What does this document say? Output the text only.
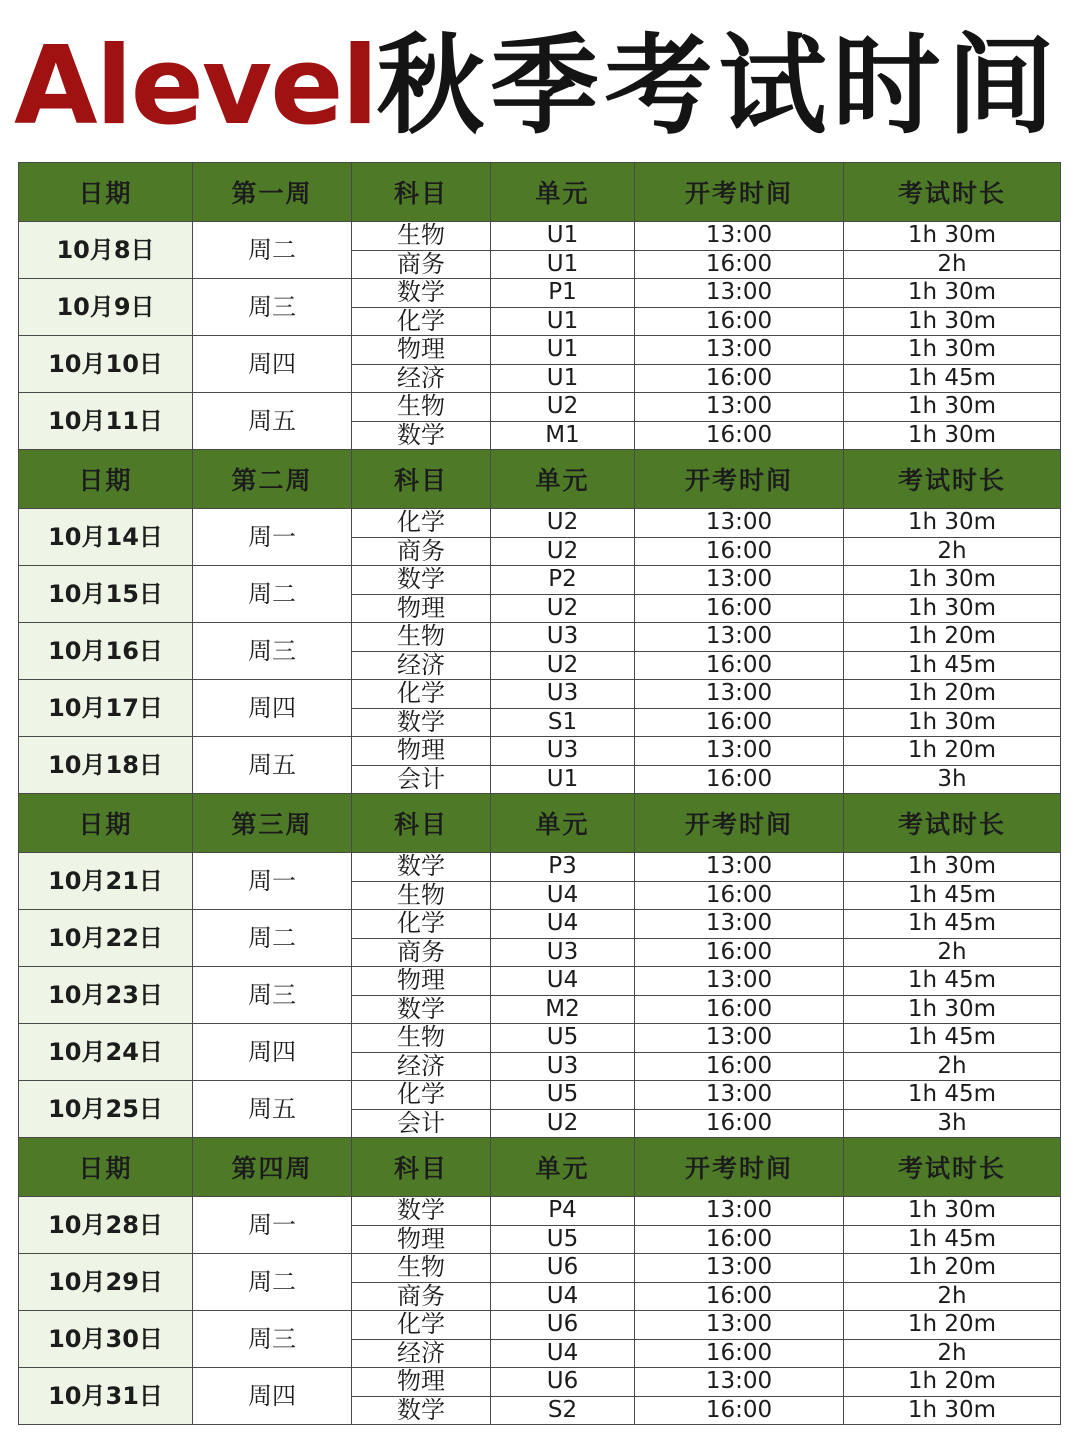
Alevel秋季考试时间
日期	第一周	科目	单元	开考时间	考试时长
10月8日	周二	生物	U1	13:00	1h 30m
		商务	U1	16:00	2h
10月9日	周三	数学	P1	13:00	1h 30m
		化学	U1	16:00	1h 30m
10月10日	周四	物理	U1	13:00	1h 30m
		经济	U1	16:00	1h 45m
10月11日	周五	生物	U2	13:00	1h 30m
		数学	M1	16:00	1h 30m
日期	第二周	科目	单元	开考时间	考试时长
10月14日	周一	化学	U2	13:00	1h 30m
		商务	U2	16:00	2h
10月15日	周二	数学	P2	13:00	1h 30m
		物理	U2	16:00	1h 30m
10月16日	周三	生物	U3	13:00	1h 20m
		经济	U2	16:00	1h 45m
10月17日	周四	化学	U3	13:00	1h 20m
		数学	S1	16:00	1h 30m
10月18日	周五	物理	U3	13:00	1h 20m
		会计	U1	16:00	3h
日期	第三周	科目	单元	开考时间	考试时长
10月21日	周一	数学	P3	13:00	1h 30m
		生物	U4	16:00	1h 45m
10月22日	周二	化学	U4	13:00	1h 45m
		商务	U3	16:00	2h
10月23日	周三	物理	U4	13:00	1h 45m
		数学	M2	16:00	1h 30m
10月24日	周四	生物	U5	13:00	1h 45m
		经济	U3	16:00	2h
10月25日	周五	化学	U5	13:00	1h 45m
		会计	U2	16:00	3h
日期	第四周	科目	单元	开考时间	考试时长
10月28日	周一	数学	P4	13:00	1h 30m
		物理	U5	16:00	1h 45m
10月29日	周二	生物	U6	13:00	1h 20m
		商务	U4	16:00	2h
10月30日	周三	化学	U6	13:00	1h 20m
		经济	U4	16:00	2h
10月31日	周四	物理	U6	13:00	1h 20m
		数学	S2	16:00	1h 30m
